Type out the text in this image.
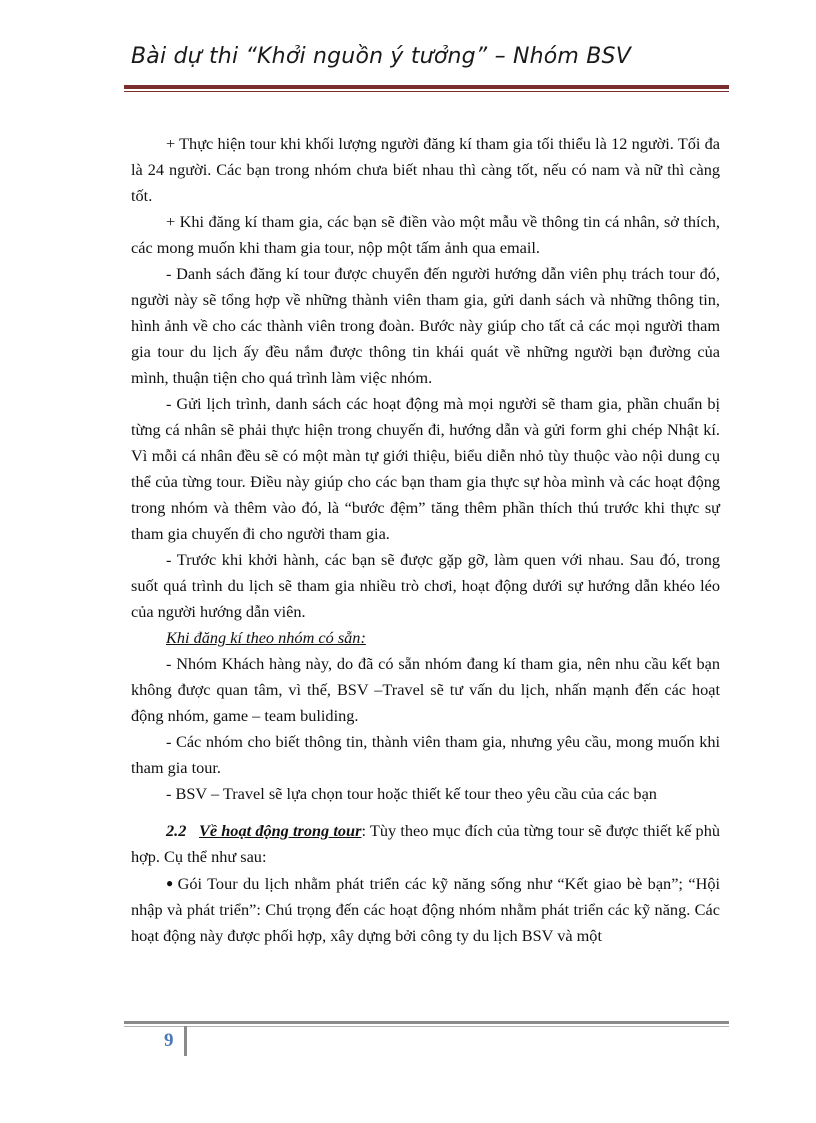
Bài dự thi “Khởi nguồn ý tưởng” – Nhóm BSV

+ Thực hiện tour khi khối lượng người đăng kí tham gia tối thiểu là 12 người. Tối đa là 24 người. Các bạn trong nhóm chưa biết nhau thì càng tốt, nếu có nam và nữ thì càng tốt.

+ Khi đăng kí tham gia, các bạn sẽ điền vào một mẫu về thông tin cá nhân, sở thích, các mong muốn khi tham gia tour, nộp một tấm ảnh qua email.

- Danh sách đăng kí tour được chuyển đến người hướng dẫn viên phụ trách tour đó, người này sẽ tổng hợp về những thành viên tham gia, gửi danh sách và những thông tin, hình ảnh về cho các thành viên trong đoàn. Bước này giúp cho tất cả các mọi người tham gia tour du lịch ấy đều nắm được thông tin khái quát về những người bạn đường của mình, thuận tiện cho quá trình làm việc nhóm.

- Gửi lịch trình, danh sách các hoạt động mà mọi người sẽ tham gia, phần chuẩn bị từng cá nhân sẽ phải thực hiện trong chuyến đi, hướng dẫn và gửi form ghi chép Nhật kí. Vì mỗi cá nhân đều sẽ có một màn tự giới thiệu, biểu diễn nhỏ tùy thuộc vào nội dung cụ thể của từng tour. Điều này giúp cho các bạn tham gia thực sự hòa mình và các hoạt động trong nhóm và thêm vào đó, là “bước đệm” tăng thêm phần thích thú trước khi thực sự tham gia chuyến đi cho người tham gia.

- Trước khi khởi hành, các bạn sẽ được gặp gỡ, làm quen với nhau. Sau đó, trong suốt quá trình du lịch sẽ tham gia nhiều trò chơi, hoạt động dưới sự hướng dẫn khéo léo của người hướng dẫn viên.

Khi đăng kí theo nhóm có sẵn:

- Nhóm Khách hàng này, do đã có sẵn nhóm đang kí tham gia, nên nhu cầu kết bạn không được quan tâm, vì thế, BSV –Travel sẽ tư vấn du lịch, nhấn mạnh đến các hoạt động nhóm, game – team buliding.

- Các nhóm cho biết thông tin, thành viên tham gia, nhưng yêu cầu, mong muốn khi tham gia tour.

- BSV – Travel sẽ lựa chọn tour hoặc thiết kế tour theo yêu cầu của các bạn

2.2 Về hoạt động trong tour: Tùy theo mục đích của từng tour sẽ được thiết kế phù hợp. Cụ thể như sau:

● Gói Tour du lịch nhằm phát triển các kỹ năng sống như “Kết giao bè bạn”; “Hội nhập và phát triển”: Chú trọng đến các hoạt động nhóm nhằm phát triển các kỹ năng. Các hoạt động này được phối hợp, xây dựng bởi công ty du lịch BSV và một

9
